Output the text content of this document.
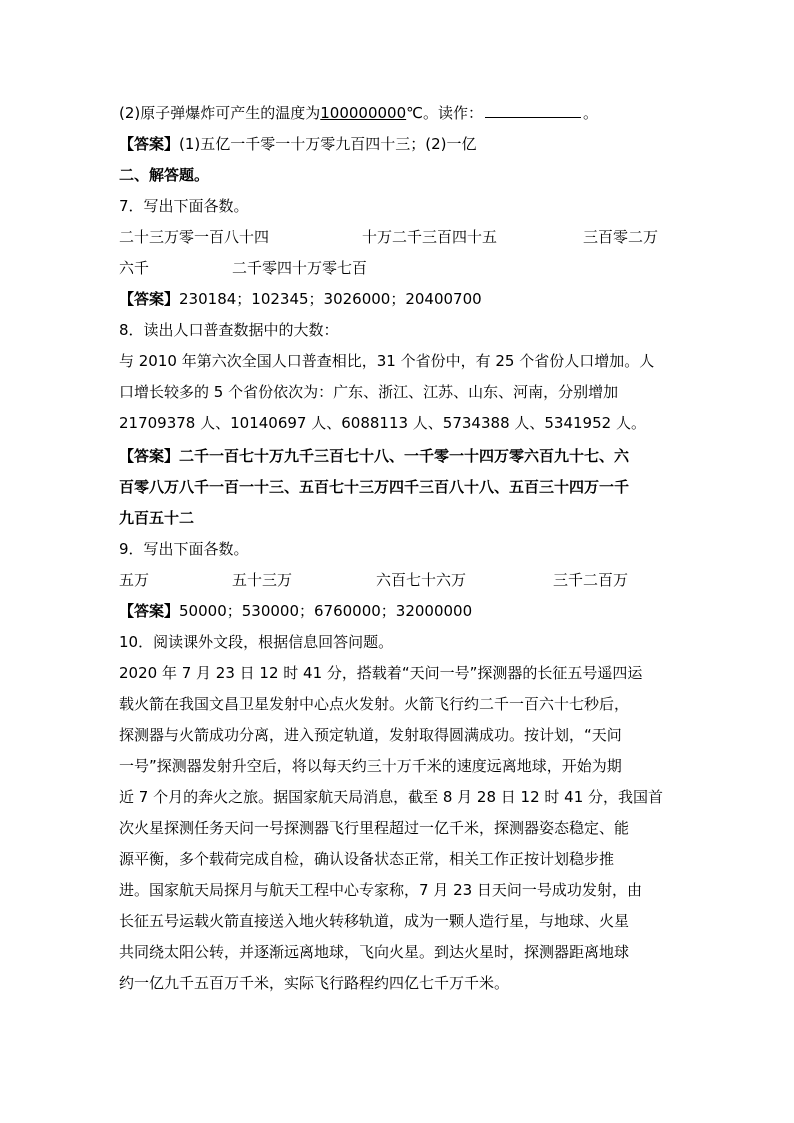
(2)原子弹爆炸可产生的温度为100000000℃。读作：	。
【答案】(1)五亿一千零一十万零九百四十三；(2)一亿
二、解答题。
7．写出下面各数。
二十三万零一百八十四	十万二千三百四十五	三百零二万
六千	二千零四十万零七百
【答案】230184；102345；3026000；20400700
8．读出人口普查数据中的大数：
与 2010 年第六次全国人口普查相比，31 个省份中，有 25 个省份人口增加。人
口增长较多的 5 个省份依次为：广东、浙江、江苏、山东、河南，分别增加
21709378 人、10140697 人、6088113 人、5734388 人、5341952 人。
【答案】二千一百七十万九千三百七十八、一千零一十四万零六百九十七、六
百零八万八千一百一十三、五百七十三万四千三百八十八、五百三十四万一千
九百五十二
9．写出下面各数。
五万	五十三万	六百七十六万	三千二百万
【答案】50000；530000；6760000；32000000
10．阅读课外文段，根据信息回答问题。
2020 年 7 月 23 日 12 时 41 分，搭载着“天问一号”探测器的长征五号遥四运
载火箭在我国文昌卫星发射中心点火发射。火箭飞行约二千一百六十七秒后，
探测器与火箭成功分离，进入预定轨道，发射取得圆满成功。按计划，“天问
一号”探测器发射升空后，将以每天约三十万千米的速度远离地球，开始为期
近 7 个月的奔火之旅。据国家航天局消息，截至 8 月 28 日 12 时 41 分，我国首
次火星探测任务天问一号探测器飞行里程超过一亿千米，探测器姿态稳定、能
源平衡，多个载荷完成自检，确认设备状态正常，相关工作正按计划稳步推
进。国家航天局探月与航天工程中心专家称，7 月 23 日天问一号成功发射，由
长征五号运载火箭直接送入地火转移轨道，成为一颗人造行星，与地球、火星
共同绕太阳公转，并逐渐远离地球，飞向火星。到达火星时，探测器距离地球
约一亿九千五百万千米，实际飞行路程约四亿七千万千米。
